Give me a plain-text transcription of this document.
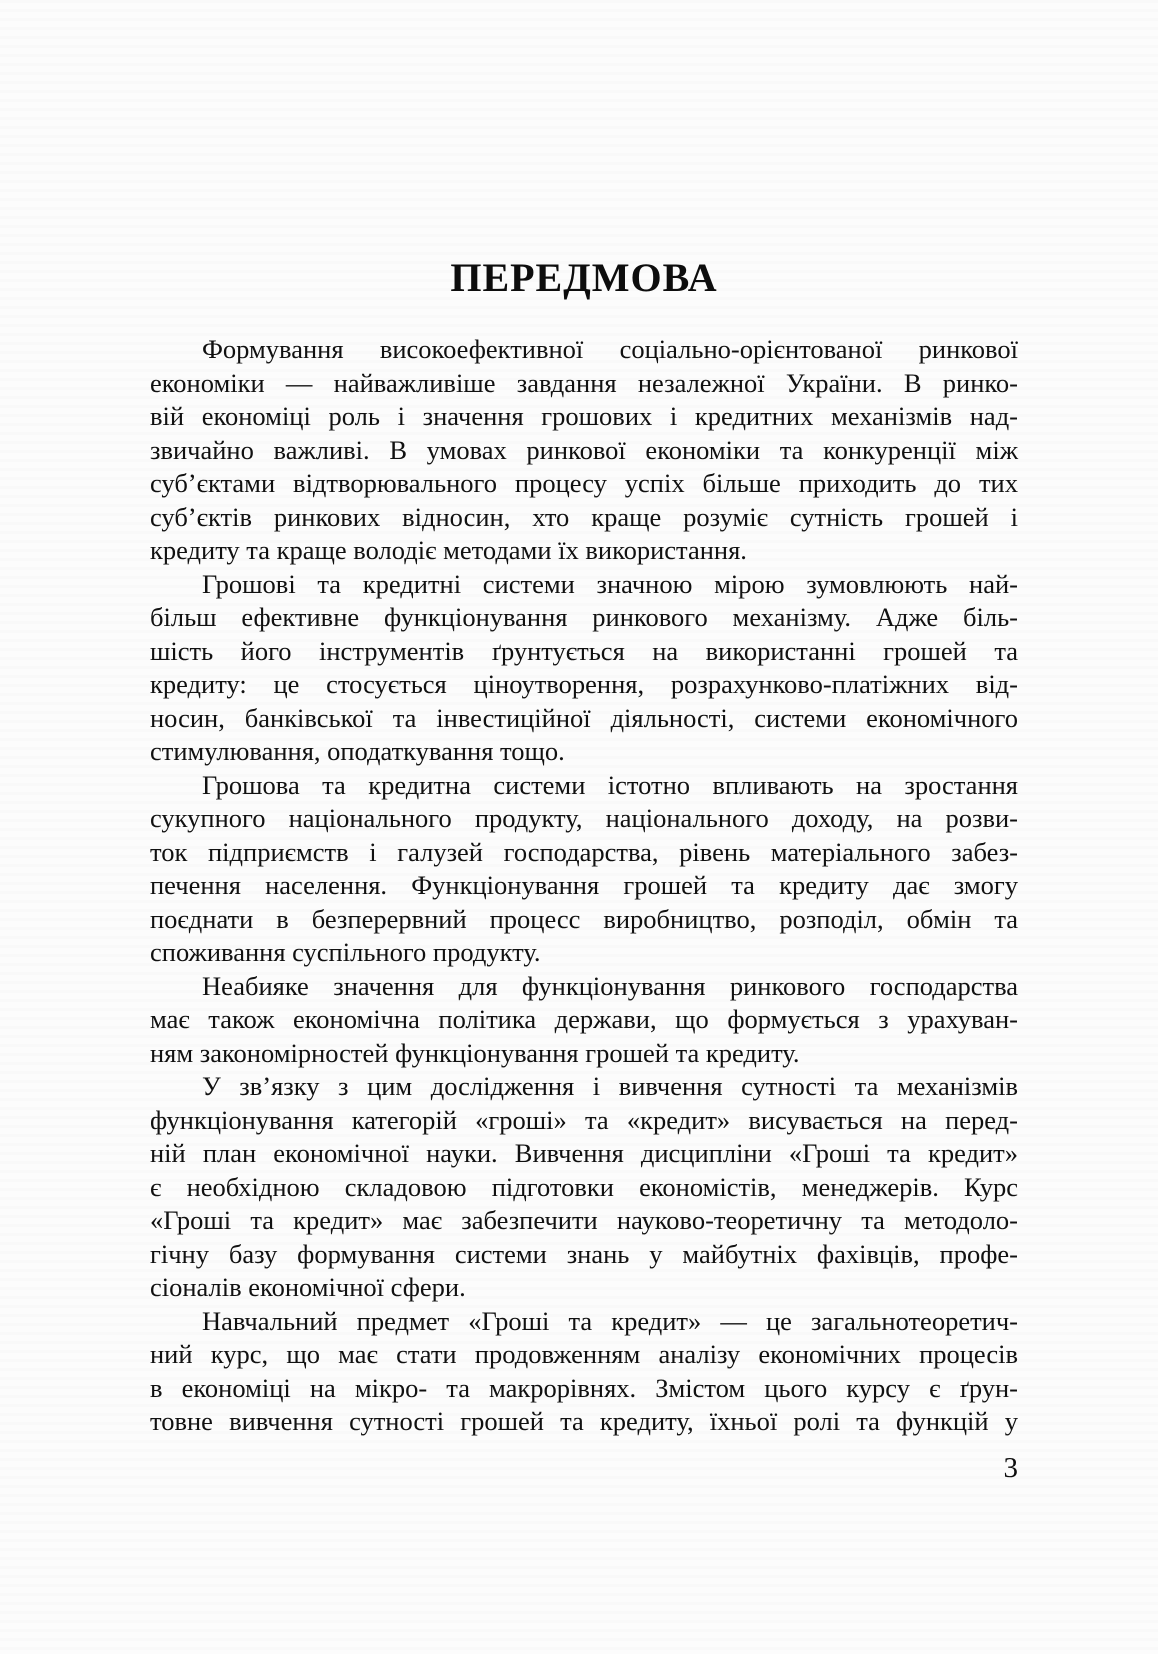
ПЕРЕДМОВА
Формування високоефективної соціально-орієнтованої ринкової
економіки — найважливіше завдання незалежної України. В ринко-
вій економіці роль і значення грошових і кредитних механізмів над-
звичайно важливі. В умовах ринкової економіки та конкуренції між
суб’єктами відтворювального процесу успіх більше приходить до тих
суб’єктів ринкових відносин, хто краще розуміє сутність грошей і
кредиту та краще володіє методами їх використання.
Грошові та кредитні системи значною мірою зумовлюють най-
більш ефективне функціонування ринкового механізму. Адже біль-
шість його інструментів ґрунтується на використанні грошей та
кредиту: це стосується ціноутворення, розрахунково-платіжних від-
носин, банківської та інвестиційної діяльності, системи економічного
стимулювання, оподаткування тощо.
Грошова та кредитна системи істотно впливають на зростання
сукупного національного продукту, національного доходу, на розви-
ток підприємств і галузей господарства, рівень матеріального забез-
печення населення. Функціонування грошей та кредиту дає змогу
поєднати в безперервний процесс виробництво, розподіл, обмін та
споживання суспільного продукту.
Неабияке значення для функціонування ринкового господарства
має також економічна політика держави, що формується з урахуван-
ням закономірностей функціонування грошей та кредиту.
У зв’язку з цим дослідження і вивчення сутності та механізмів
функціонування категорій «гроші» та «кредит» висувається на перед-
ній план економічної науки. Вивчення дисципліни «Гроші та кредит»
є необхідною складовою підготовки економістів, менеджерів. Курс
«Гроші та кредит» має забезпечити науково-теоретичну та методоло-
гічну базу формування системи знань у майбутніх фахівців, профе-
сіоналів економічної сфери.
Навчальний предмет «Гроші та кредит» — це загальнотеоретич-
ний курс, що має стати продовженням аналізу економічних процесів
в економіці на мікро- та макрорівнях. Змістом цього курсу є ґрун-
товне вивчення сутності грошей та кредиту, їхньої ролі та функцій у
3
